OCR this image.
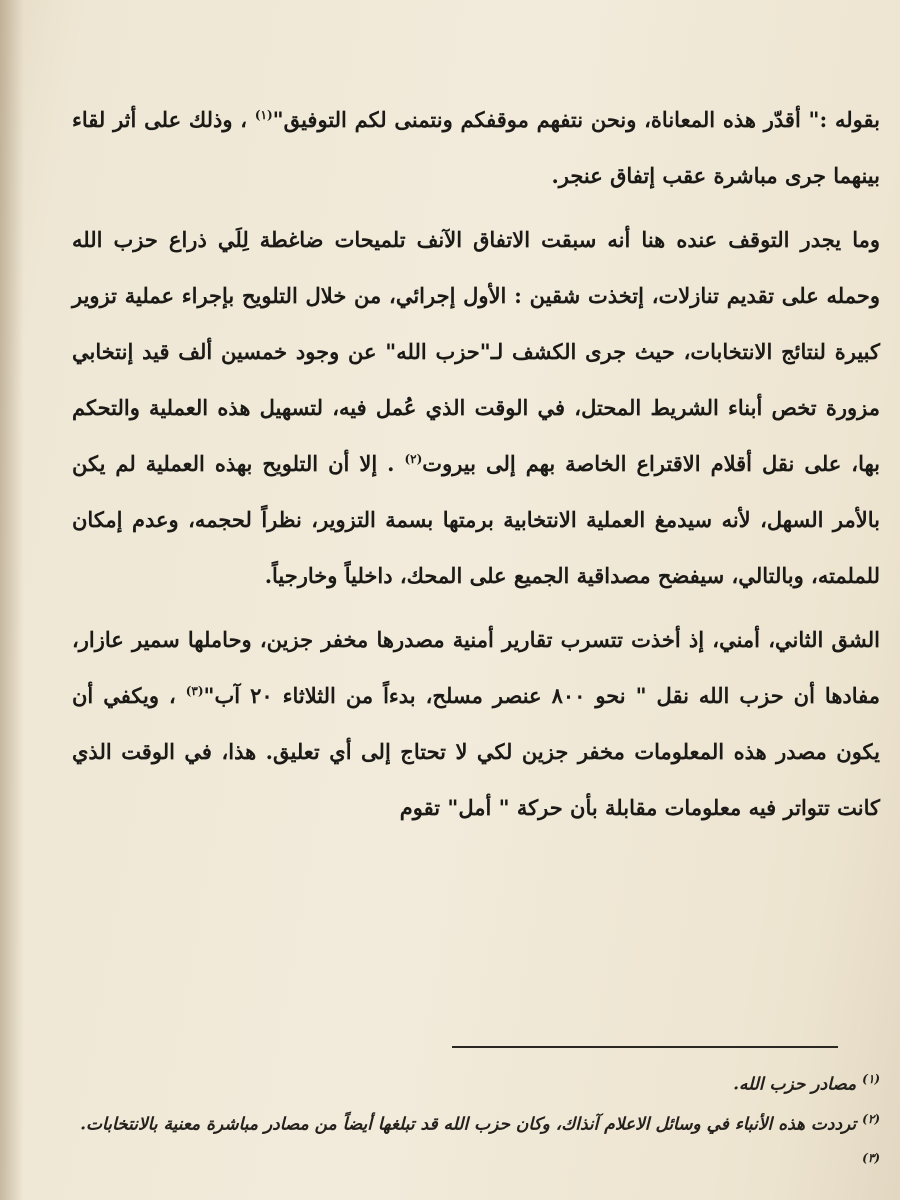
بقوله :" أقدّر هذه المعاناة، ونحن نتفهم موقفكم ونتمنى لكم التوفيق"$^{(١)}$ ، وذلك على أثر لقاء بينهما جرى مباشرة عقب إتفاق عنجر.

وما يجدر التوقف عنده هنا أنه سبقت الاتفاق الآنف تلميحات ضاغطة لِلَي ذراع حزب الله وحمله على تقديم تنازلات، إتخذت شقين : الأول إجرائي، من خلال التلويح بإجراء عملية تزوير كبيرة لنتائج الانتخابات، حيث جرى الكشف لـ"حزب الله" عن وجود خمسين ألف قيد إنتخابي مزورة تخص أبناء الشريط المحتل، في الوقت الذي عُمل فيه، لتسهيل هذه العملية والتحكم بها، على نقل أقلام الاقتراع الخاصة بهم إلى بيروت$^{(٢)}$ . إلا أن التلويح بهذه العملية لم يكن بالأمر السهل، لأنه سيدمغ العملية الانتخابية برمتها بسمة التزوير، نظراً لحجمه، وعدم إمكان للملمته، وبالتالي، سيفضح مصداقية الجميع على المحك، داخلياً وخارجياً.

الشق الثاني، أمني، إذ أخذت تتسرب تقارير أمنية مصدرها مخفر جزين، وحاملها سمير عازار، مفادها أن حزب الله نقل " نحو ٨٠٠ عنصر مسلح، بدءاً من الثلاثاء ٢٠ آب"$^{(٣)}$ ، ويكفي أن يكون مصدر هذه المعلومات مخفر جزين لكي لا تحتاج إلى أي تعليق. هذا، في الوقت الذي كانت تتواتر فيه معلومات مقابلة بأن حركة " أمل" تقوم

$^{(١)}$مصادر حزب الله.

$^{(٢)}$ترددت هذه الأنباء في وسائل الاعلام آنذاك، وكان حزب الله قد تبلغها أيضاً من مصادر مباشرة معنية بالانتخابات.

$^{(٣)}$
